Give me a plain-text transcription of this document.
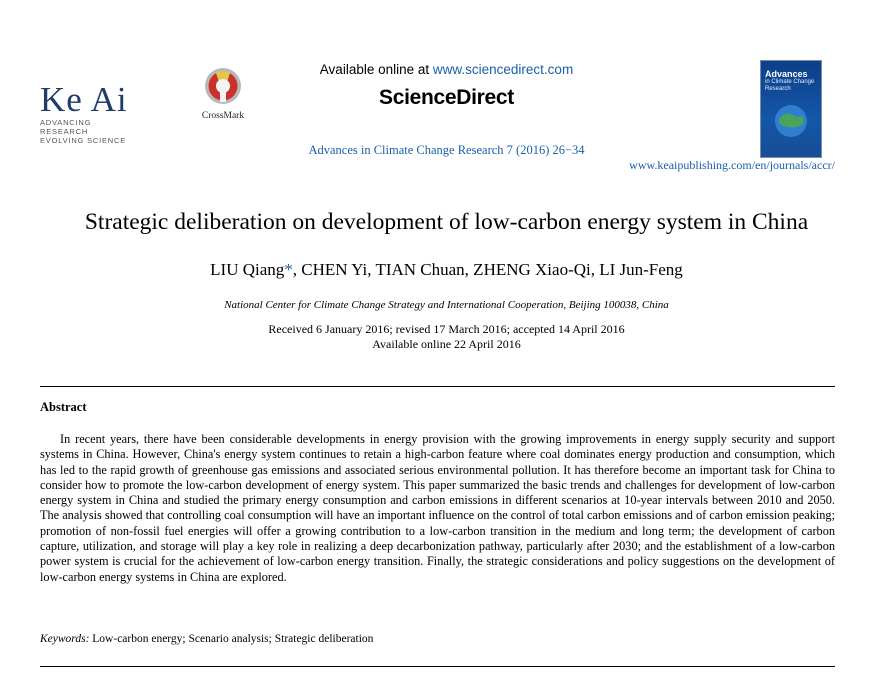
Ke Ai
ADVANCING RESEARCH
EVOLVING SCIENCE
CrossMark
Available online at www.sciencedirect.com
ScienceDirect
Advances in Climate Change Research 7 (2016) 26−34
www.keaipublishing.com/en/journals/accr/
Advances
in Climate Change
Research
Strategic deliberation on development of low-carbon energy system in China
LIU Qiang*, CHEN Yi, TIAN Chuan, ZHENG Xiao-Qi, LI Jun-Feng
National Center for Climate Change Strategy and International Cooperation, Beijing 100038, China
Received 6 January 2016; revised 17 March 2016; accepted 14 April 2016
Available online 22 April 2016
Abstract
In recent years, there have been considerable developments in energy provision with the growing improvements in energy supply security and support systems in China. However, China's energy system continues to retain a high-carbon feature where coal dominates energy production and consumption, which has led to the rapid growth of greenhouse gas emissions and associated serious environmental pollution. It has therefore become an important task for China to consider how to promote the low-carbon development of energy system. This paper summarized the basic trends and challenges for development of low-carbon energy system in China and studied the primary energy consumption and carbon emissions in different scenarios at 10-year intervals between 2010 and 2050. The analysis showed that controlling coal consumption will have an important influence on the control of total carbon emissions and of carbon emission peaking; promotion of non-fossil fuel energies will offer a growing contribution to a low-carbon transition in the medium and long term; the development of carbon capture, utilization, and storage will play a key role in realizing a deep decarbonization pathway, particularly after 2030; and the establishment of a low-carbon power system is crucial for the achievement of low-carbon energy transition. Finally, the strategic considerations and policy suggestions on the development of low-carbon energy systems in China are explored.
Keywords: Low-carbon energy; Scenario analysis; Strategic deliberation
